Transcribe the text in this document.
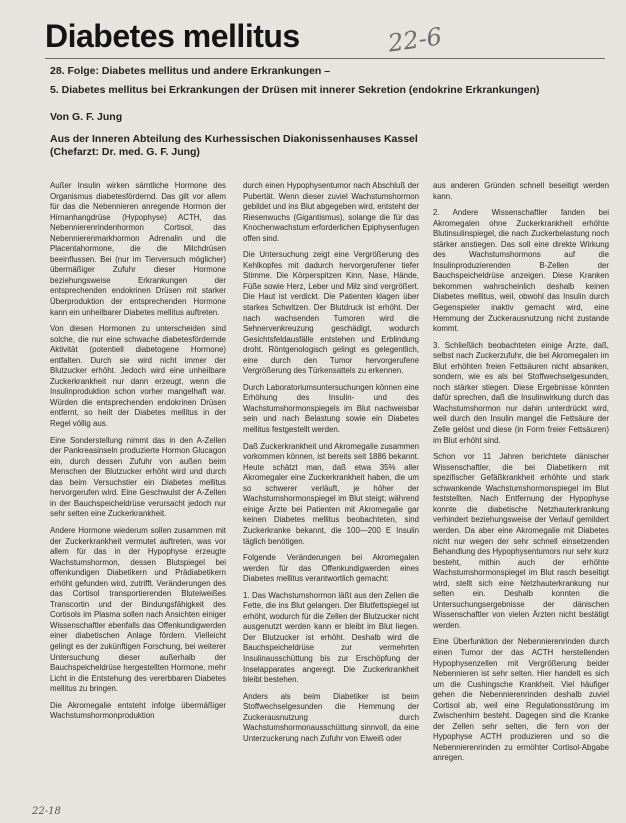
Diabetes mellitus	22-6
28. Folge: Diabetes mellitus und andere Erkrankungen –
5. Diabetes mellitus bei Erkrankungen der Drüsen mit innerer Sekretion (endokrine Erkrankungen)
Von G. F. Jung
Aus der Inneren Abteilung des Kurhessischen Diakonissenhauses Kassel
(Chefarzt: Dr. med. G. F. Jung)

Außer Insulin wirken sämtliche Hormone des Organismus diabetesfördernd. Das gilt vor allem für das die Nebennieren anregende Hormon der Hirnanhangdrüse (Hypophyse) ACTH, das Nebennierenrindenhormon Cortisol, das Nebennierenmarkhormon Adrenalin und die Placentahormone, die die Milchdrüsen beeinflussen. Bei (nur im Tierversuch möglicher) übermäßiger Zufuhr dieser Hormone beziehungsweise Erkrankungen der entsprechenden endokrinen Drüsen mit starker Überproduktion der entsprechenden Hormone kann ein unheilbarer Diabetes mellitus auftreten.

Von diesen Hormonen zu unterscheiden sind solche, die nur eine schwache diabetesfördernde Aktivität (potentiell diabetogene Hormone) entfalten. Durch sie wird nicht immer der Blutzucker erhöht. Jedoch wird eine unheilbare Zuckerkrankheit nur dann erzeugt, wenn die Insulinproduktion schon vorher mangelhaft war. Würden die entsprechenden endokrinen Drüsen entfernt, so heilt der Diabetes mellitus in der Regel völlig aus.

Eine Sonderstellung nimmt das in den A-Zellen der Pankreasinseln produzierte Hormon Glucagon ein, durch dessen Zufuhr von außen beim Menschen der Blutzucker erhöht wird und durch das beim Versuchstier ein Diabetes mellitus hervorgerufen wird. Eine Geschwulst der A-Zellen in der Bauchspeicheldrüse verursacht jedoch nur sehr selten eine Zuckerkrankheit.

Andere Hormone wiederum sollen zusammen mit der Zuckerkrankheit vermutet auftreten, was vor allem für das in der Hypophyse erzeugte Wachstumshormon, dessen Blutspiegel bei offenkundigen Diabetikern und Prädiabetikern erhöht gefunden wird, zutrifft. Veränderungen des das Cortisol transportierenden Bluteiweißes Transcortin und der Bindungsfähigkeit des Cortisols im Plasma sollen nach Ansichten einiger Wissenschaftler ebenfalls das Offenkundigwerden einer diabetischen Anlage fördern. Vielleicht gelingt es der zukünftigen Forschung, bei weiterer Untersuchung dieser außerhalb der Bauchspeicheldrüse hergestellten Hormone, mehr Licht in die Entstehung des vererbbaren Diabetes mellitus zu bringen.

Die Akromegalie entsteht infolge übermäßiger Wachstumshormonproduktion

durch einen Hypophysentumor nach Abschluß der Pubertät. Wenn dieser zuviel Wachstumshormon gebildet und ins Blut abgegeben wird, entsteht der Riesenwuchs (Gigantismus), solange die für das Knochenwachstum erforderlichen Epiphysenfugen offen sind.

Die Untersuchung zeigt eine Vergrößerung des Kehlkopfes mit dadurch hervorgerufener tiefer Stimme. Die Körperspitzen Kinn, Nase, Hände, Füße sowie Herz, Leber und Milz sind vergrößert. Die Haut ist verdickt. Die Patienten klagen über starkes Schwitzen. Der Blutdruck ist erhöht. Der nach wachsenden Tumoren wird die Sehnervenkreuzung geschädigt, wodurch Gesichtsfeldausfälle entstehen und Erblindung droht. Röntgenologisch gelingt es gelegentlich, eine durch den Tumor hervorgerufene Vergrößerung des Türkensattels zu erkennen.

Durch Laboratoriumsuntersuchungen können eine Erhöhung des Insulin- und des Wachstumshormonspiegels im Blut nachweisbar sein und nach Belastung sowie ein Diabetes mellitus festgestellt werden.

Daß Zuckerkrankheit und Akromegalie zusammen vorkommen können, ist bereits seit 1886 bekannt. Heute schätzt man, daß etwa 35% aller Akromegaler eine Zuckerkrankheit haben, die um so schwerer verläuft, je höher der Wachstumshormonspiegel im Blut steigt; während einige Ärzte bei Patienten mit Akromegalie gar keinen Diabetes mellitus beobachteten, sind Zuckerkranke bekannt, die 100—200 E Insulin täglich benötigen.

Folgende Veränderungen bei Akromegalen werden für das Offenkundigwerden eines Diabetes mellitus verantwortlich gemacht:

1. Das Wachstumshormon läßt aus den Zellen die Fette, die ins Blut gelangen. Der Blutfettspiegel ist erhöht, wodurch für die Zellen der Blutzucker nicht ausgenutzt werden kann er bleibt im Blut liegen. Der Blutzucker ist erhöht. Deshalb wird die Bauchspeicheldrüse zur vermehrten Insulinausschüttung bis zur Erschöpfung der Inselapparates angeregt. Die Zuckerkrankheit bleibt bestehen.

Anders als beim Diabetiker ist beim Stoffwechselgesunden die Hemmung der Zuckerausnutzung durch Wachstumshormonausschüttung sinnvoll, da eine Unterzuckerung nach Zufuhr von Eiweiß oder

aus anderen Gründen schnell beseitigt werden kann.

2. Andere Wissenschaftler fanden bei Akromegalen ohne Zuckerkrankheit erhöhte Blutinsulinspiegel, die nach Zuckerbelastung noch stärker anstiegen. Das soll eine direkte Wirkung des Wachstumshormons auf die Insulinproduzierenden B-Zellen der Bauchspeicheldrüse anzeigen. Diese Kranken bekommen wahrscheinlich deshalb keinen Diabetes mellitus, weil, obwohl das Insulin durch Gegenspieler inaktiv gemacht wird, eine Hemmung der Zuckerausnutzung nicht zustande kommt.

3. Schließlich beobachteten einige Ärzte, daß, selbst nach Zuckerzufuhr, die bei Akromegalen im Blut erhöhten freien Fettsäuren nicht absanken, sondern, wie es als bei Stoffwechselgesunden, noch stärker stiegen. Diese Ergebnisse könnten dafür sprechen, daß die Insulinwirkung durch das Wachstumshormon nur dahin unterdrückt wird, weil durch den Insulin mangel die Fettsäure der Zelle gelöst und diese (in Form freier Fettsäuren) im Blut erhöht sind.

Schon vor 11 Jahren berichtete dänischer Wissenschaftler, die bei Diabetikern mit spezifischer Gefäßkrankheit erhöhte und stark schwankende Wachstumshormonspiegel im Blut feststellten. Nach Entfernung der Hypophyse konnte die diabetische Netzhauterkrankung verhindert beziehungsweise der Verlauf gemildert werden. Da aber eine Akromegalie mit Diabetes nicht nur wegen der sehr schnell einsetzenden Behandlung des Hypophysentumors nur sehr kurz besteht, mithin auch der erhöhte Wachstumshormonspiegel im Blut rasch beseitigt wird, stellt sich eine Netzhauterkrankung nur selten ein. Deshalb konnten die Untersuchungsergebnisse der dänischen Wissenschaftler von vielen Ärzten nicht bestätigt werden.

Eine Überfunktion der Nebennierenrinden durch einen Tumor der das ACTH herstellenden Hypophysenzellen mit Vergrößerung beider Nebennieren ist sehr selten. Hier handelt es sich um die Cushingsche Krankheit. Viel häufiger gehen die Nebennierenrinden deshalb zuviel Cortisol ab, weil eine Regulationsstörung im Zwischenhirn besteht. Dagegen sind die Kranke der Zellen sehr selten, die fern von der Hypophyse ACTH produzieren und so die Nebennierenrinden zu ermöhter Cortisol-Abgabe anregen.

22-18
